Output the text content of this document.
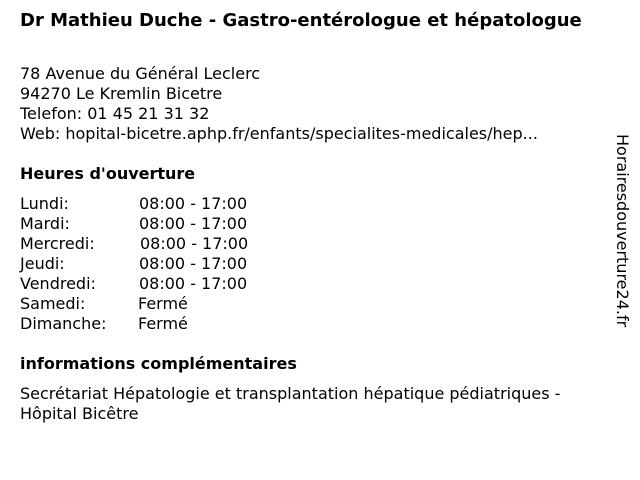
Dr Mathieu Duche - Gastro-entérologue et hépatologue
78 Avenue du Général Leclerc
94270 Le Kremlin Bicetre
Telefon: 01 45 21 31 32
Web: hopital-bicetre.aphp.fr/enfants/specialites-medicales/hep...
Heures d'ouverture
Lundi:	08:00 - 17:00
Mardi:	08:00 - 17:00
Mercredi:	08:00 - 17:00
Jeudi:	08:00 - 17:00
Vendredi:	08:00 - 17:00
Samedi:	Fermé
Dimanche: Fermé
informations complémentaires
Secrétariat Hépatologie et transplantation hépatique pédiatriques - Hôpital Bicêtre
Horairesdouverture24.fr
